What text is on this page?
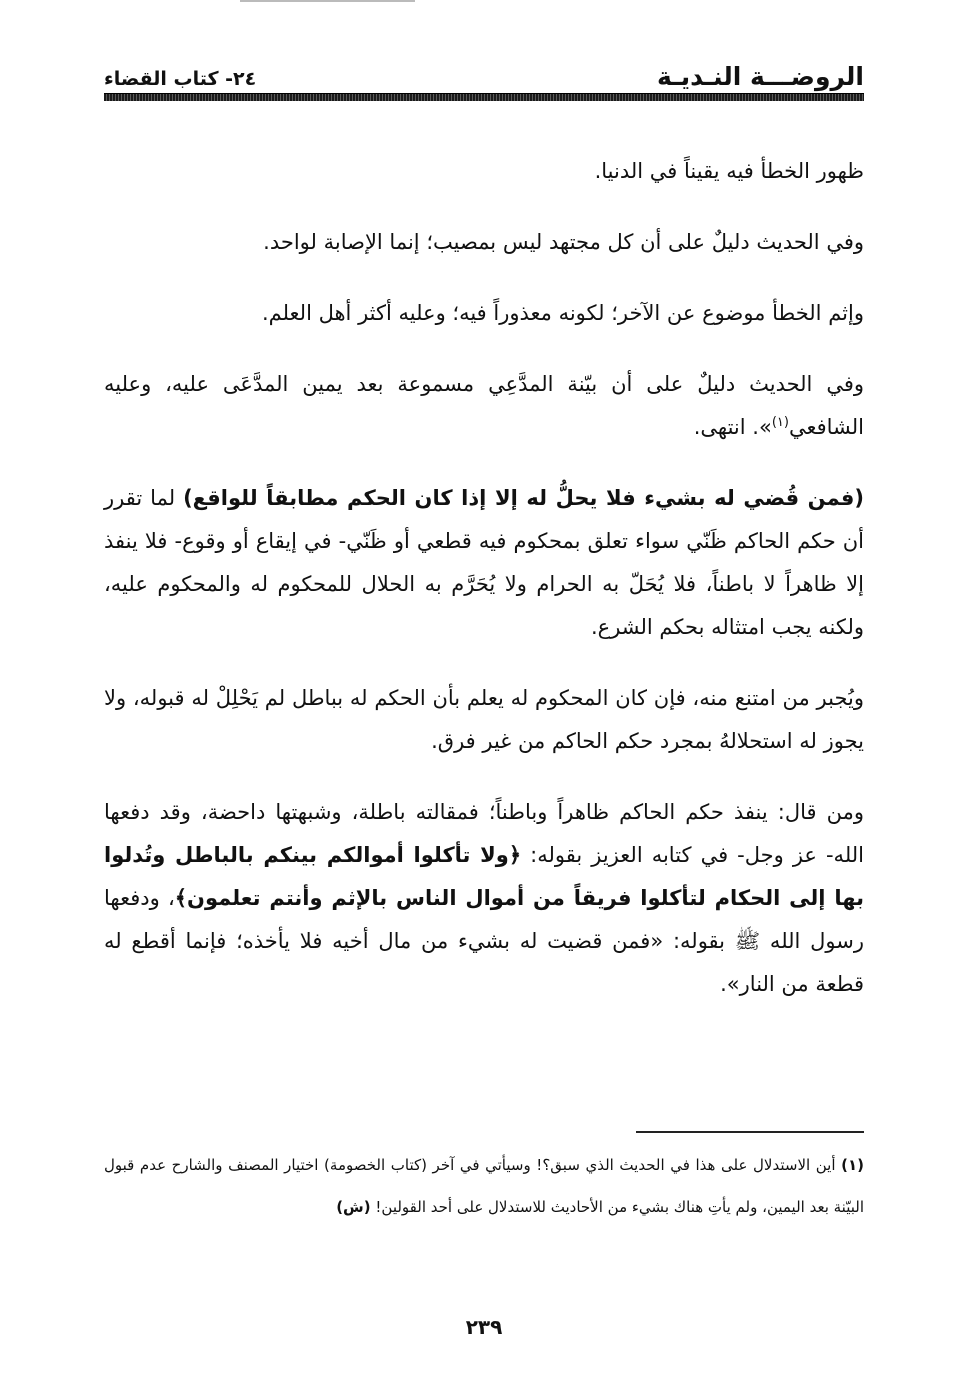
الروضـــة النـديـة
٢٤- كتاب القضاء

ظهور الخطأ فيه يقيناً في الدنيا.

وفي الحديث دليلٌ على أن كل مجتهد ليس بمصيب؛ إنما الإصابة لواحد.

وإثم الخطأ موضوع عن الآخر؛ لكونه معذوراً فيه؛ وعليه أكثر أهل العلم.

وفي الحديث دليلٌ على أن بيّنة المدَّعِي مسموعة بعد يمين المدَّعَى عليه، وعليه الشافعي$^{(١)}$». انتهى.

(فمن قُضي له بشيء فلا يحلُّ له إلا إذا كان الحكم مطابقاً للواقع) لما تقرر أن حكم الحاكم ظَنّي سواء تعلق بمحكوم فيه قطعي أو ظَنّي- في إيقاع أو وقوع- فلا ينفذ إلا ظاهراً لا باطناً، فلا يُحَلّ به الحرام ولا يُحَرَّم به الحلال للمحكوم له والمحكوم عليه، ولكنه يجب امتثاله بحكم الشرع.

ويُجبر من امتنع منه، فإن كان المحكوم له يعلم بأن الحكم له بباطل لم يَحْلِلْ له قبوله، ولا يجوز له استحلالهُ بمجرد حكم الحاكم من غير فرق.

ومن قال: ينفذ حكم الحاكم ظاهراً وباطناً؛ فمقالته باطلة، وشبهتها داحضة، وقد دفعها الله- عز وجل- في كتابه العزيز بقوله: ﴿ولا تأكلوا أموالكم بينكم بالباطل وتُدلوا بها إلى الحكام لتأكلوا فريقاً من أموال الناس بالإثم وأنتم تعلمون﴾، ودفعها رسول الله ﷺ بقوله: «فمن قضيت له بشيء من مال أخيه فلا يأخذه؛ فإنما أقطع له قطعة من النار».

(١) أين الاستدلال على هذا في الحديث الذي سبق؟! وسيأتي في آخر (كتاب الخصومة) اختيار المصنف والشارح عدم قبول البيّنة بعد اليمين، ولم يأتِ هناك بشيء من الأحاديث للاستدلال على أحد القولين! (ش)

٢٣٩
